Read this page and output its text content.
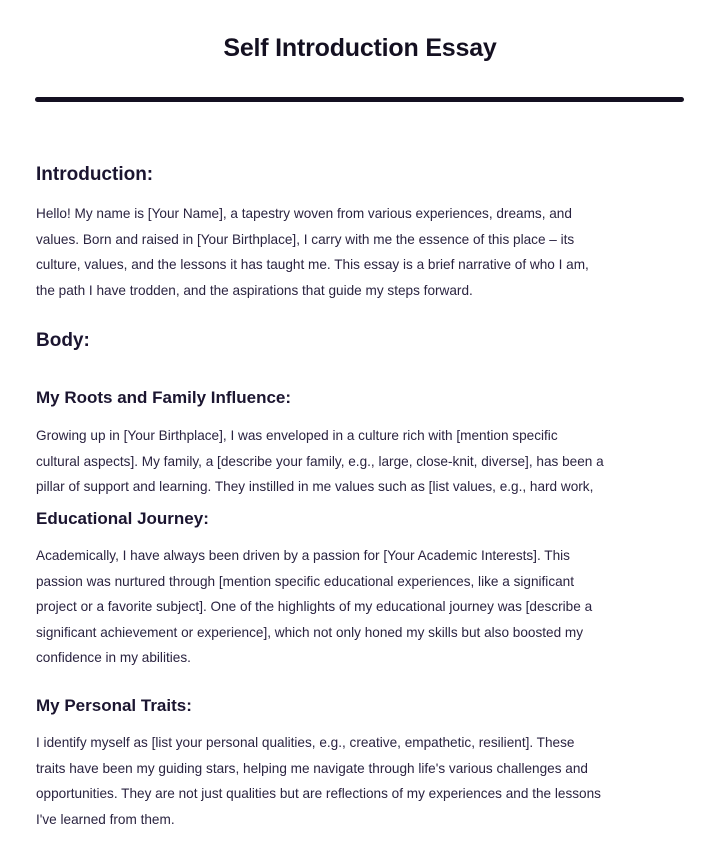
Self Introduction Essay
Introduction:
Hello! My name is [Your Name], a tapestry woven from various experiences, dreams, and
values. Born and raised in [Your Birthplace], I carry with me the essence of this place – its
culture, values, and the lessons it has taught me. This essay is a brief narrative of who I am,
the path I have trodden, and the aspirations that guide my steps forward.
Body:
My Roots and Family Influence:
Growing up in [Your Birthplace], I was enveloped in a culture rich with [mention specific
cultural aspects]. My family, a [describe your family, e.g., large, close-knit, diverse], has been a
pillar of support and learning. They instilled in me values such as [list values, e.g., hard work,
Educational Journey:
Academically, I have always been driven by a passion for [Your Academic Interests]. This
passion was nurtured through [mention specific educational experiences, like a significant
project or a favorite subject]. One of the highlights of my educational journey was [describe a
significant achievement or experience], which not only honed my skills but also boosted my
confidence in my abilities.
My Personal Traits:
I identify myself as [list your personal qualities, e.g., creative, empathetic, resilient]. These
traits have been my guiding stars, helping me navigate through life's various challenges and
opportunities. They are not just qualities but are reflections of my experiences and the lessons
I've learned from them.
